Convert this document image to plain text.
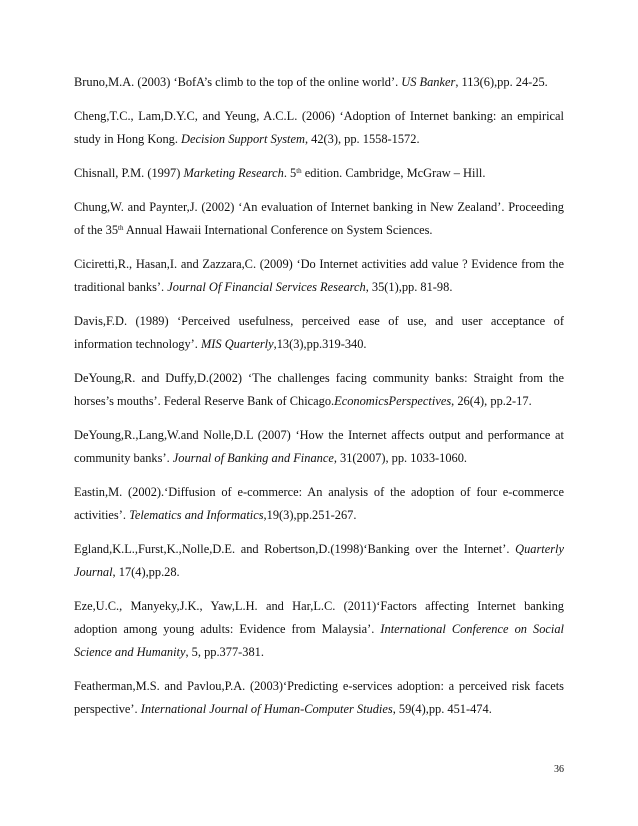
Bruno,M.A. (2003) ‘BofA’s climb to the top of the online world’. US Banker, 113(6),pp. 24-25.

Cheng,T.C., Lam,D.Y.C, and Yeung, A.C.L. (2006) ‘Adoption of Internet banking: an empirical study in Hong Kong. Decision Support System, 42(3), pp. 1558-1572.

Chisnall, P.M. (1997) Marketing Research. 5th edition. Cambridge, McGraw – Hill.

Chung,W. and Paynter,J. (2002) ‘An evaluation of Internet banking in New Zealand’. Proceeding of the 35th Annual Hawaii International Conference on System Sciences.

Ciciretti,R., Hasan,I. and Zazzara,C. (2009) ‘Do Internet activities add value ? Evidence from the traditional banks’. Journal Of Financial Services Research, 35(1),pp. 81-98.

Davis,F.D. (1989) ‘Perceived usefulness, perceived ease of use, and user acceptance of information technology’. MIS Quarterly,13(3),pp.319-340.

DeYoung,R. and Duffy,D.(2002) ‘The challenges facing community banks: Straight from the horses’s mouths’. Federal Reserve Bank of Chicago.EconomicsPerspectives, 26(4), pp.2-17.

DeYoung,R.,Lang,W.and Nolle,D.L (2007) ‘How the Internet affects output and performance at community banks’. Journal of Banking and Finance, 31(2007), pp. 1033-1060.

Eastin,M. (2002).‘Diffusion of e-commerce: An analysis of the adoption of four e-commerce activities’. Telematics and Informatics,19(3),pp.251-267.

Egland,K.L.,Furst,K.,Nolle,D.E. and Robertson,D.(1998)‘Banking over the Internet’. Quarterly Journal, 17(4),pp.28.

Eze,U.C., Manyeky,J.K., Yaw,L.H. and Har,L.C. (2011)‘Factors affecting Internet banking adoption among young adults: Evidence from Malaysia’. International Conference on Social Science and Humanity, 5, pp.377-381.

Featherman,M.S. and Pavlou,P.A. (2003)‘Predicting e-services adoption: a perceived risk facets perspective’. International Journal of Human-Computer Studies, 59(4),pp. 451-474.

36
